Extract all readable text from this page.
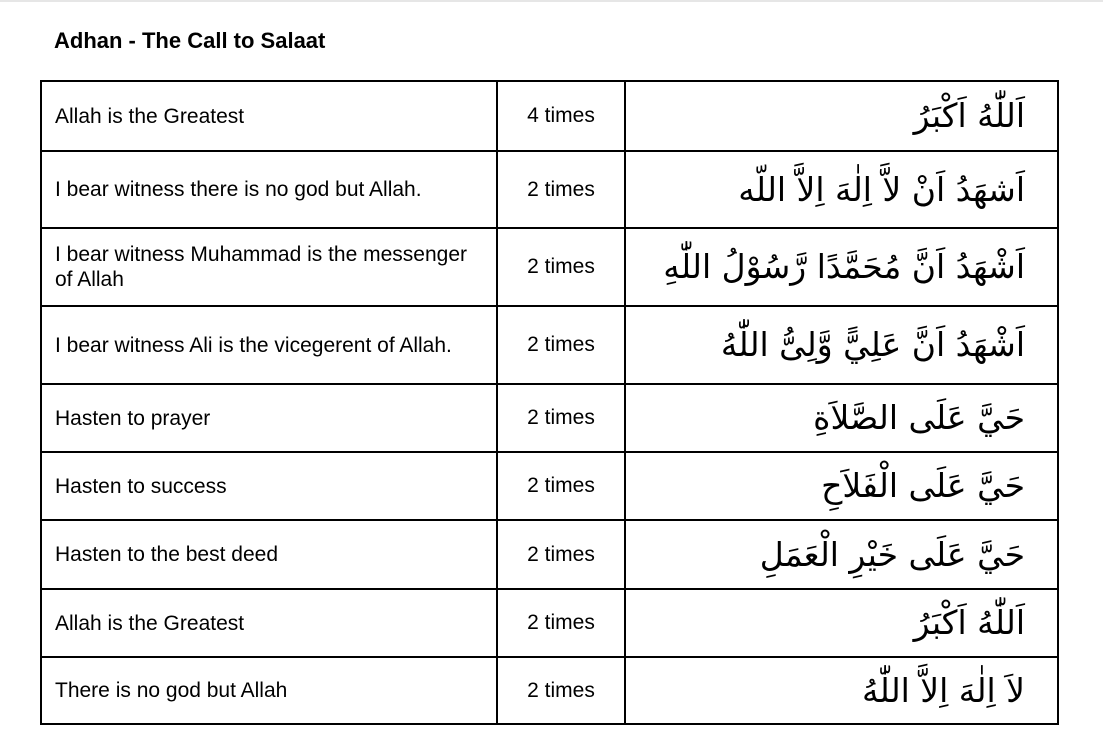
Adhan - The Call to Salaat
Allah is the Greatest	4 times	اَللّٰهُ اَكْبَرُ
I bear witness there is no god but Allah.	2 times	اَشهَدُ اَنْ لاَّ اِلٰهَ اِلاَّ اللّه
I bear witness Muhammad is the messenger of Allah	2 times	اَشْهَدُ اَنَّ مُحَمَّدًا رَّسُوْلُ اللّٰهِ
I bear witness Ali is the vicegerent of Allah.	2 times	اَشْهَدُ اَنَّ عَلِيًّ وَّلِیُّ اللّٰهُ
Hasten to prayer	2 times	حَيَّ عَلَى الصَّلاَةِ
Hasten to success	2 times	حَيَّ عَلَى الْفَلاَحِ
Hasten to the best deed	2 times	حَيَّ عَلَى خَيْرِ الْعَمَلِ
Allah is the Greatest	2 times	اَللّٰهُ اَكْبَرُ
There is no god but Allah	2 times	لاَ اِلٰهَ اِلاَّ اللّٰهُ
